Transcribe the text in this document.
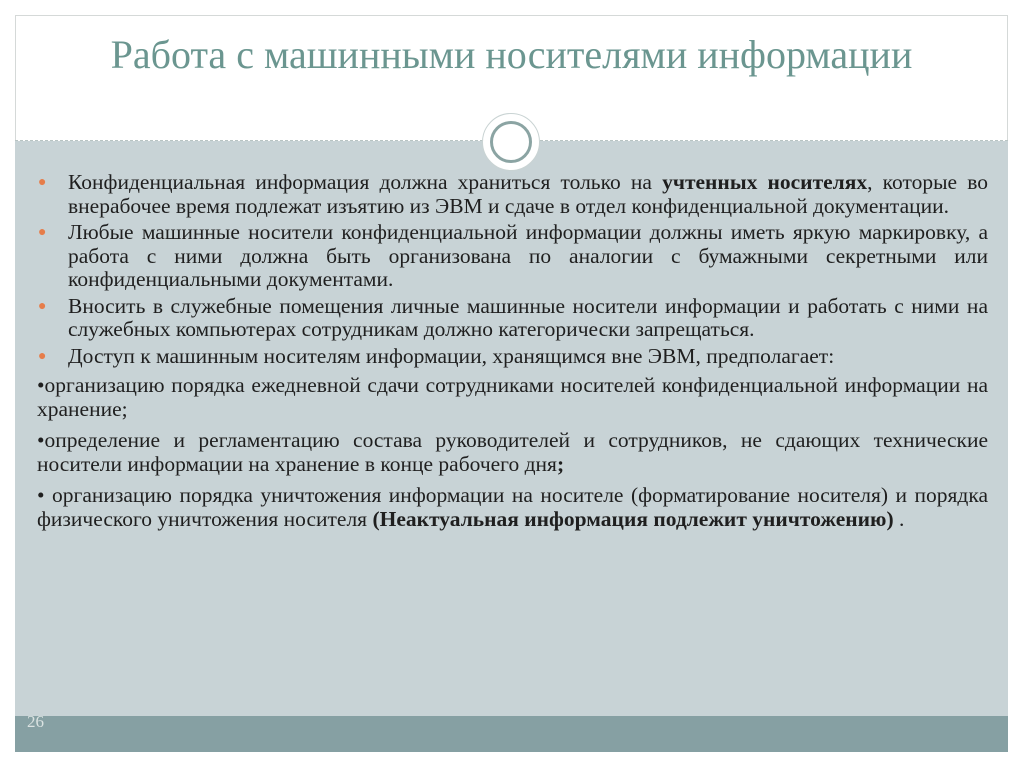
Работа с машинными носителями информации
● Конфиденциальная информация должна храниться только на учтенных носителях, которые во внерабочее время подлежат изъятию из ЭВМ и сдаче в отдел конфиденциальной документации.
● Любые машинные носители конфиденциальной информации должны иметь яркую маркировку, а работа с ними должна быть организована по аналогии с бумажными секретными или конфиденциальными документами.
● Вносить в служебные помещения личные машинные носители информации и работать с ними на служебных компьютерах сотрудникам должно категорически запрещаться.
● Доступ к машинным носителям информации, хранящимся вне ЭВМ, предполагает:
•организацию порядка ежедневной сдачи сотрудниками носителей конфиденциальной информации на хранение;
•определение и регламентацию состава руководителей и сотрудников, не сдающих технические носители информации на хранение в конце рабочего дня;
• организацию порядка уничтожения информации на носителе (форматирование носителя) и порядка физического уничтожения носителя (Неактуальная информация подлежит уничтожению) .
26
